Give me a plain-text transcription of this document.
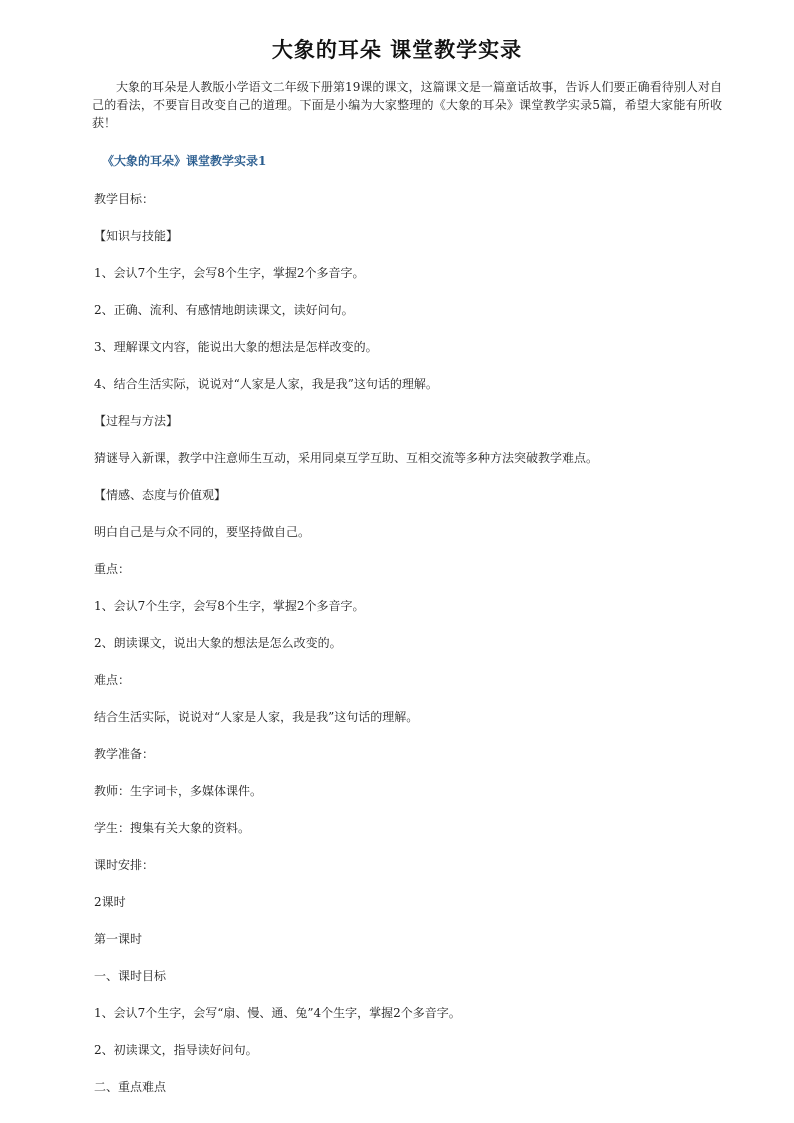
大象的耳朵 课堂教学实录

大象的耳朵是人教版小学语文二年级下册第19课的课文，这篇课文是一篇童话故事，告诉人们要正确看待别人对自己的看法，不要盲目改变自己的道理。下面是小编为大家整理的《大象的耳朵》课堂教学实录5篇，希望大家能有所收获！

《大象的耳朵》课堂教学实录1

教学目标：

【知识与技能】

1、会认7个生字，会写8个生字，掌握2个多音字。

2、正确、流利、有感情地朗读课文，读好问句。

3、理解课文内容，能说出大象的想法是怎样改变的。

4、结合生活实际，说说对“人家是人家，我是我”这句话的理解。

【过程与方法】

猜谜导入新课，教学中注意师生互动，采用同桌互学互助、互相交流等多种方法突破教学难点。

【情感、态度与价值观】

明白自己是与众不同的，要坚持做自己。

重点：

1、会认7个生字，会写8个生字，掌握2个多音字。

2、朗读课文，说出大象的想法是怎么改变的。

难点：

结合生活实际，说说对“人家是人家，我是我”这句话的理解。

教学准备：

教师：生字词卡，多媒体课件。

学生：搜集有关大象的资料。

课时安排：

2课时

第一课时

一、课时目标

1、会认7个生字，会写“扇、慢、通、兔”4个生字，掌握2个多音字。

2、初读课文，指导读好问句。

二、重点难点
